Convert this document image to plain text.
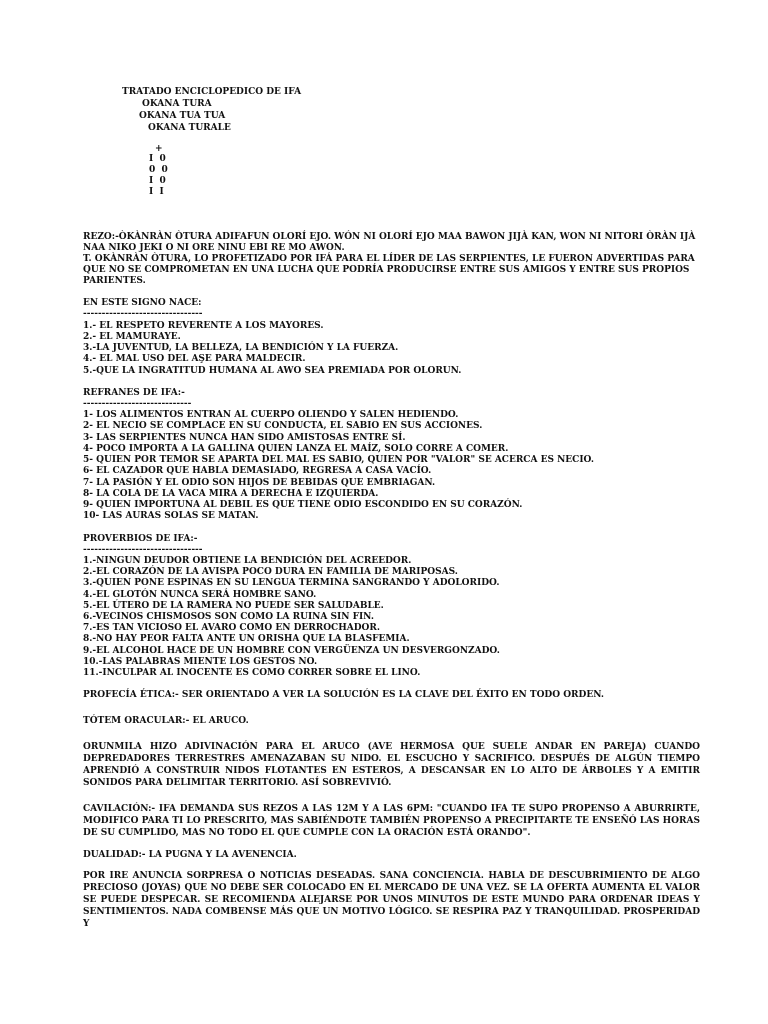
TRATADO ENCICLOPEDICO DE IFA
OKANA TURA
OKANA TUA TUA
OKANA TURALE
+
I  0
0  0
I  0
I  I
REZO:-ÒKÀNRÀN ÒTURA ADIFAFUN OLORÍ EJO. WÓN NI OLORÍ EJO MAA BAWON JIJÀ KAN, WON NI NITORI ÒRÀN IJÀ
NAA NIKO JEKI O NI ORE NINU EBI RE MO AWON.
T. OKÀNRÀN ÒTURA, LO PROFETIZADO POR IFÁ PARA EL LÍDER DE LAS SERPIENTES, LE FUERON ADVERTIDAS PARA
QUE NO SE COMPROMETAN EN UNA LUCHA QUE PODRÍA PRODUCIRSE ENTRE SUS AMIGOS Y ENTRE SUS PROPIOS
PARIENTES.
EN ESTE SIGNO NACE:
--------------------------------
1.- EL RESPETO REVERENTE A LOS MAYORES.
2.- EL MAMURAYE.
3.-LA JUVENTUD, LA BELLEZA, LA BENDICIÓN Y LA FUERZA.
4.- EL MAL USO DEL AŞE PARA MALDECIR.
5.-QUE LA INGRATITUD HUMANA AL AWO SEA PREMIADA POR OLORUN.
REFRANES DE IFA:-
-----------------------------
1- LOS ALIMENTOS ENTRAN AL CUERPO OLIENDO Y SALEN HEDIENDO.
2- EL NECIO SE COMPLACE EN SU CONDUCTA, EL SABIO EN SUS ACCIONES.
3- LAS SERPIENTES NUNCA HAN SIDO AMISTOSAS ENTRE SÍ.
4- POCO IMPORTA A LA GALLINA QUIEN LANZA EL MAÍZ, SOLO CORRE A COMER.
5- QUIEN POR TEMOR SE APARTA DEL MAL ES SABIO, QUIEN POR "VALOR" SE ACERCA ES NECIO.
6- EL CAZADOR QUE HABLA DEMASIADO, REGRESA A CASA VACÍO.
7- LA PASIÓN Y EL ODIO SON HIJOS DE BEBIDAS QUE EMBRIAGAN.
8- LA COLA DE LA VACA MIRA A DERECHA E IZQUIERDA.
9- QUIEN IMPORTUNA AL DEBIL ES QUE TIENE ODIO ESCONDIDO EN SU CORAZÓN.
10- LAS AURAS SOLAS SE MATAN.
PROVERBIOS DE IFA:-
--------------------------------
1.-NINGUN DEUDOR OBTIENE LA BENDICIÓN DEL ACREEDOR.
2.-EL CORAZÓN DE LA AVISPA POCO DURA EN FAMILIA DE MARIPOSAS.
3.-QUIEN PONE ESPINAS EN SU LENGUA TERMINA SANGRANDO Y ADOLORIDO.
4.-EL GLOTÓN NUNCA SERÁ HOMBRE SANO.
5.-EL ÚTERO DE LA RAMERA NO PUEDE SER SALUDABLE.
6.-VECINOS CHISMOSOS SON COMO LA RUINA SIN FIN.
7.-ES TAN VICIOSO EL AVARO COMO EN DERROCHADOR.
8.-NO HAY PEOR FALTA ANTE UN ORISHA QUE LA BLASFEMIA.
9.-EL ALCOHOL HACE DE UN HOMBRE CON VERGÜENZA UN DESVERGONZADO.
10.-LAS PALABRAS MIENTE LOS GESTOS NO.
11.-INCULPAR AL INOCENTE ES COMO CORRER SOBRE EL LINO.
PROFECÍA ÉTICA:- SER ORIENTADO A VER LA SOLUCIÓN ES LA CLAVE DEL ÉXITO EN TODO ORDEN.
TÓTEM ORACULAR:- EL ARUCO.
ORUNMILA HIZO ADIVINACIÓN PARA EL ARUCO (AVE HERMOSA QUE SUELE ANDAR EN PAREJA) CUANDO
DEPREDADORES TERRESTRES AMENAZABAN SU NIDO. EL ESCUCHO Y SACRIFICO. DESPUÉS DE ALGÚN TIEMPO
APRENDIÓ A CONSTRUIR NIDOS FLOTANTES EN ESTEROS, A DESCANSAR EN LO ALTO DE ÁRBOLES Y A EMITIR
SONIDOS PARA DELIMITAR TERRITORIO. ASÍ SOBREVIVIÓ.
CAVILACIÓN:- IFA DEMANDA SUS REZOS A LAS 12M Y A LAS 6PM: "CUANDO IFA TE SUPO PROPENSO A ABURRIRTE,
MODIFICO PARA TI LO PRESCRITO, MAS SABIÉNDOTE TAMBIÉN PROPENSO A PRECIPITARTE TE ENSEÑÓ LAS HORAS
DE SU CUMPLIDO, MAS NO TODO EL QUE CUMPLE CON LA ORACIÓN ESTÁ ORANDO".
DUALIDAD:- LA PUGNA Y LA AVENENCIA.
POR IRE ANUNCIA SORPRESA O NOTICIAS DESEADAS. SANA CONCIENCIA. HABLA DE DESCUBRIMIENTO DE ALGO
PRECIOSO (JOYAS) QUE NO DEBE SER COLOCADO EN EL MERCADO DE UNA VEZ. SE LA OFERTA AUMENTA EL VALOR
SE PUEDE DESPECAR. SE RECOMIENDA ALEJARSE POR UNOS MINUTOS DE ESTE MUNDO PARA ORDENAR IDEAS Y
SENTIMIENTOS. NADA COMBENSE MÁS QUE UN MOTIVO LÓGICO. SE RESPIRA PAZ Y TRANQUILIDAD. PROSPERIDAD Y
